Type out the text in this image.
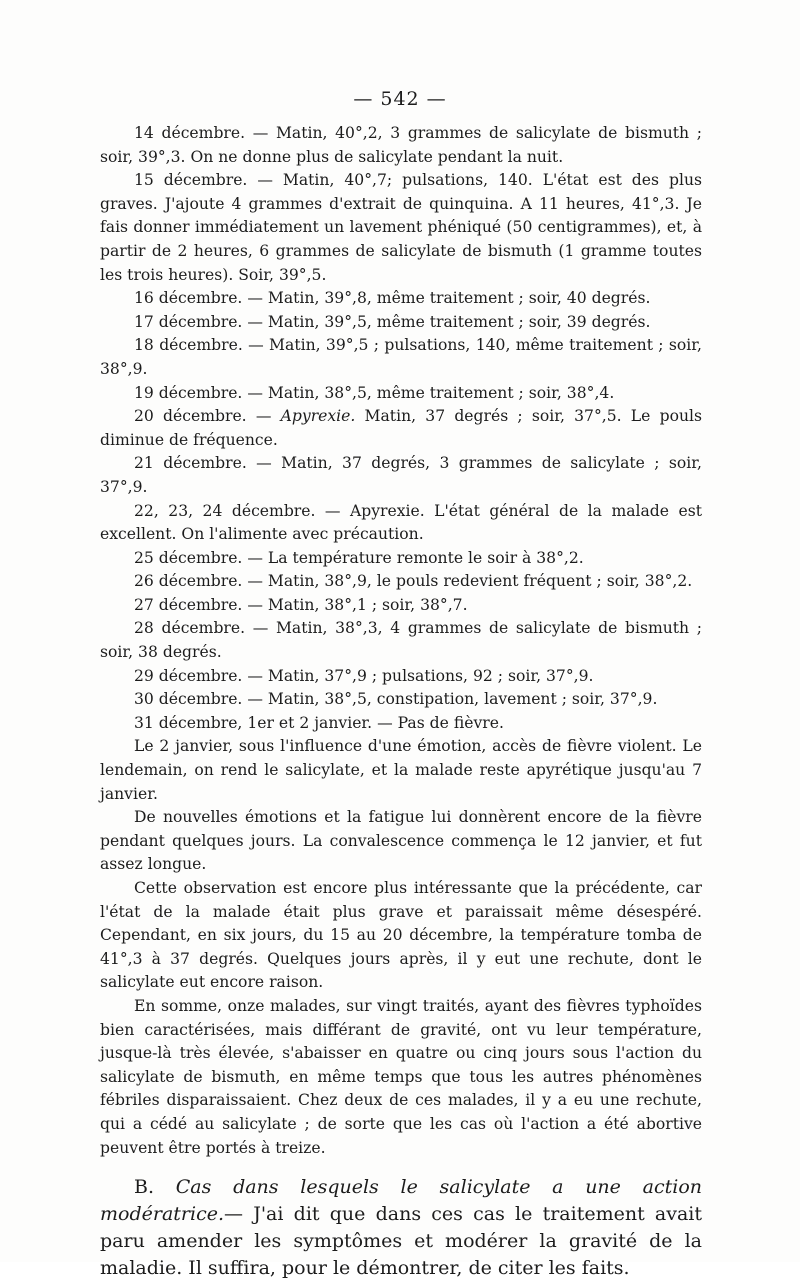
— 542 —

14 décembre. — Matin, 40°,2, 3 grammes de salicylate de bismuth ; soir, 39°,3. On ne donne plus de salicylate pendant la nuit.

15 décembre. — Matin, 40°,7; pulsations, 140. L'état est des plus graves. J'ajoute 4 grammes d'extrait de quinquina. A 11 heures, 41°,3. Je fais donner immédiatement un lavement phéniqué (50 centigrammes), et, à partir de 2 heures, 6 grammes de salicylate de bismuth (1 gramme toutes les trois heures). Soir, 39°,5.

16 décembre. — Matin, 39°,8, même traitement ; soir, 40 degrés.

17 décembre. — Matin, 39°,5, même traitement ; soir, 39 degrés.

18 décembre. — Matin, 39°,5 ; pulsations, 140, même traitement ; soir, 38°,9.

19 décembre. — Matin, 38°,5, même traitement ; soir, 38°,4.

20 décembre. — Apyrexie. Matin, 37 degrés ; soir, 37°,5. Le pouls diminue de fréquence.

21 décembre. — Matin, 37 degrés, 3 grammes de salicylate ; soir, 37°,9.

22, 23, 24 décembre. — Apyrexie. L'état général de la malade est excellent. On l'alimente avec précaution.

25 décembre. — La température remonte le soir à 38°,2.

26 décembre. — Matin, 38°,9, le pouls redevient fréquent ; soir, 38°,2.

27 décembre. — Matin, 38°,1 ; soir, 38°,7.

28 décembre. — Matin, 38°,3, 4 grammes de salicylate de bismuth ; soir, 38 degrés.

29 décembre. — Matin, 37°,9 ; pulsations, 92 ; soir, 37°,9.

30 décembre. — Matin, 38°,5, constipation, lavement ; soir, 37°,9.

31 décembre, 1er et 2 janvier. — Pas de fièvre.

Le 2 janvier, sous l'influence d'une émotion, accès de fièvre violent. Le lendemain, on rend le salicylate, et la malade reste apyrétique jusqu'au 7 janvier.

De nouvelles émotions et la fatigue lui donnèrent encore de la fièvre pendant quelques jours. La convalescence commença le 12 janvier, et fut assez longue.

Cette observation est encore plus intéressante que la précédente, car l'état de la malade était plus grave et paraissait même désespéré. Cependant, en six jours, du 15 au 20 décembre, la température tomba de 41°,3 à 37 degrés. Quelques jours après, il y eut une rechute, dont le salicylate eut encore raison.

En somme, onze malades, sur vingt traités, ayant des fièvres typhoïdes bien caractérisées, mais différant de gravité, ont vu leur température, jusque-là très élevée, s'abaisser en quatre ou cinq jours sous l'action du salicylate de bismuth, en même temps que tous les autres phénomènes fébriles disparaissaient. Chez deux de ces malades, il y a eu une rechute, qui a cédé au salicylate ; de sorte que les cas où l'action a été abortive peuvent être portés à treize.

B. Cas dans lesquels le salicylate a une action modératrice.— J'ai dit que dans ces cas le traitement avait paru amender les symptômes et modérer la gravité de la maladie. Il suffira, pour le démontrer, de citer les faits.
